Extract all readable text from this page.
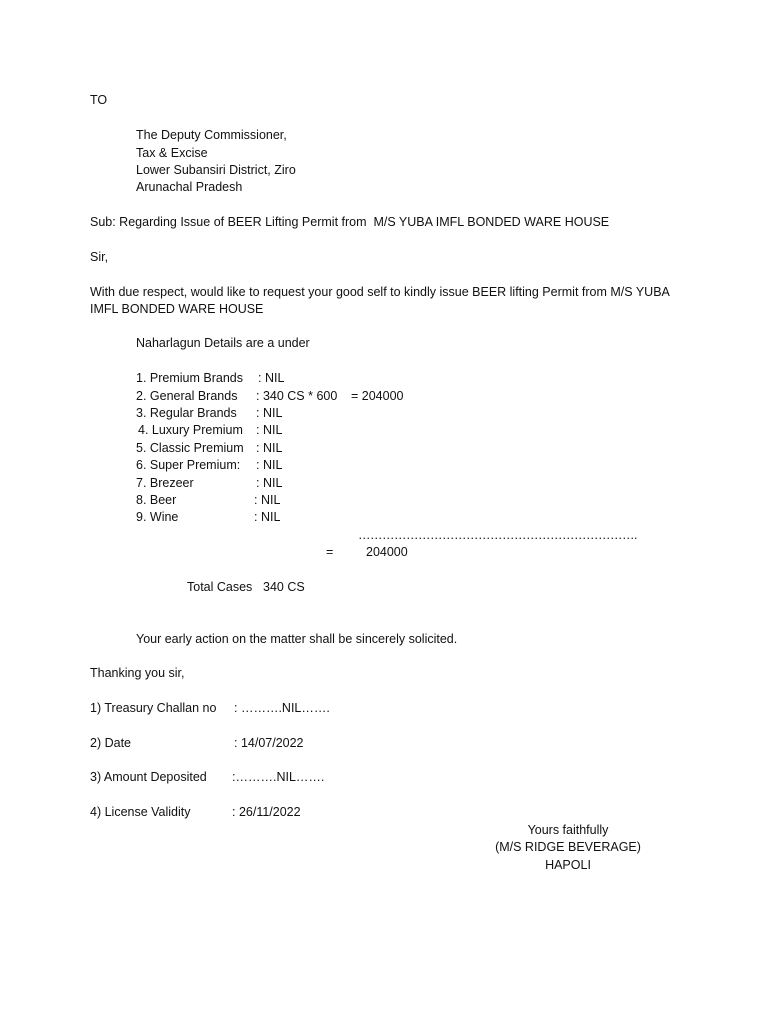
TO
The Deputy Commissioner,
Tax & Excise
Lower Subansiri District, Ziro
Arunachal Pradesh
Sub: Regarding Issue of BEER Lifting Permit from  M/S YUBA IMFL BONDED WARE HOUSE
Sir,
With due respect, would like to request your good self to kindly issue BEER lifting Permit from M/S YUBA
IMFL BONDED WARE HOUSE
Naharlagun Details are a under
1. Premium Brands : NIL
2. General Brands : 340 CS * 600 = 204000
3. Regular Brands : NIL
4. Luxury Premium : NIL
5. Classic Premium : NIL
6. Super Premium: : NIL
7. Brezeer	: NIL
8. Beer	: NIL
9. Wine	: NIL
…………………………………………………………….
=	204000
Total Cases 340 CS
Your early action on the matter shall be sincerely solicited.
Thanking you sir,
1) Treasury Challan no : ……….NIL…….
2) Date	: 14/07/2022
3) Amount Deposited :……….NIL…….
4) License Validity	: 26/11/2022
Yours faithfully
(M/S RIDGE BEVERAGE)
HAPOLI
